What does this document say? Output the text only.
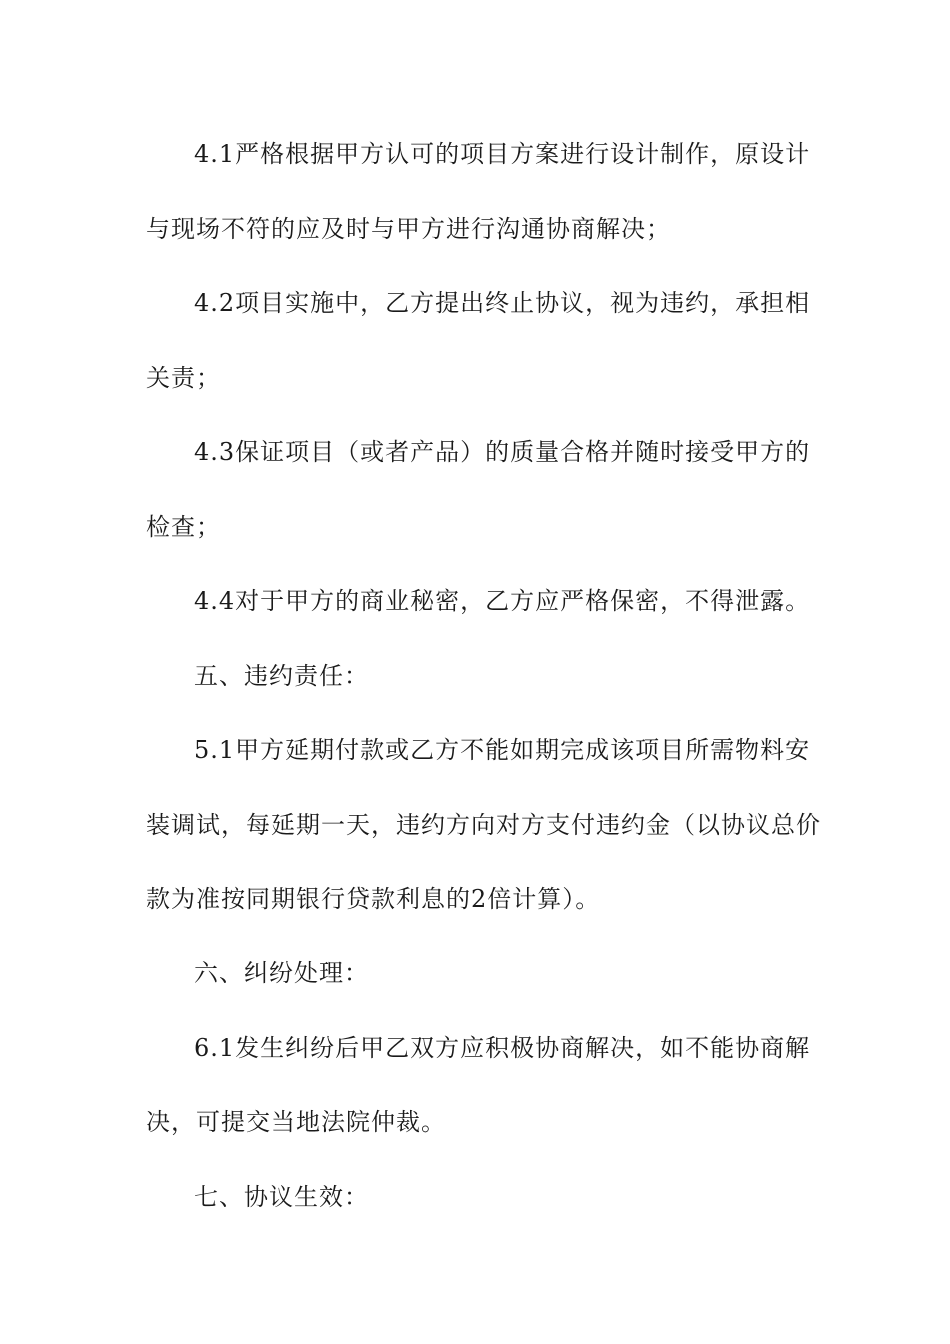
4.1严格根据甲方认可的项目方案进行设计制作，原设计
与现场不符的应及时与甲方进行沟通协商解决；
4.2项目实施中，乙方提出终止协议，视为违约，承担相
关责；
4.3保证项目（或者产品）的质量合格并随时接受甲方的
检查；
4.4对于甲方的商业秘密，乙方应严格保密，不得泄露。
五、违约责任：
5.1甲方延期付款或乙方不能如期完成该项目所需物料安
装调试，每延期一天，违约方向对方支付违约金（以协议总价
款为准按同期银行贷款利息的2倍计算）。
六、纠纷处理：
6.1发生纠纷后甲乙双方应积极协商解决，如不能协商解
决，可提交当地法院仲裁。
七、协议生效：
